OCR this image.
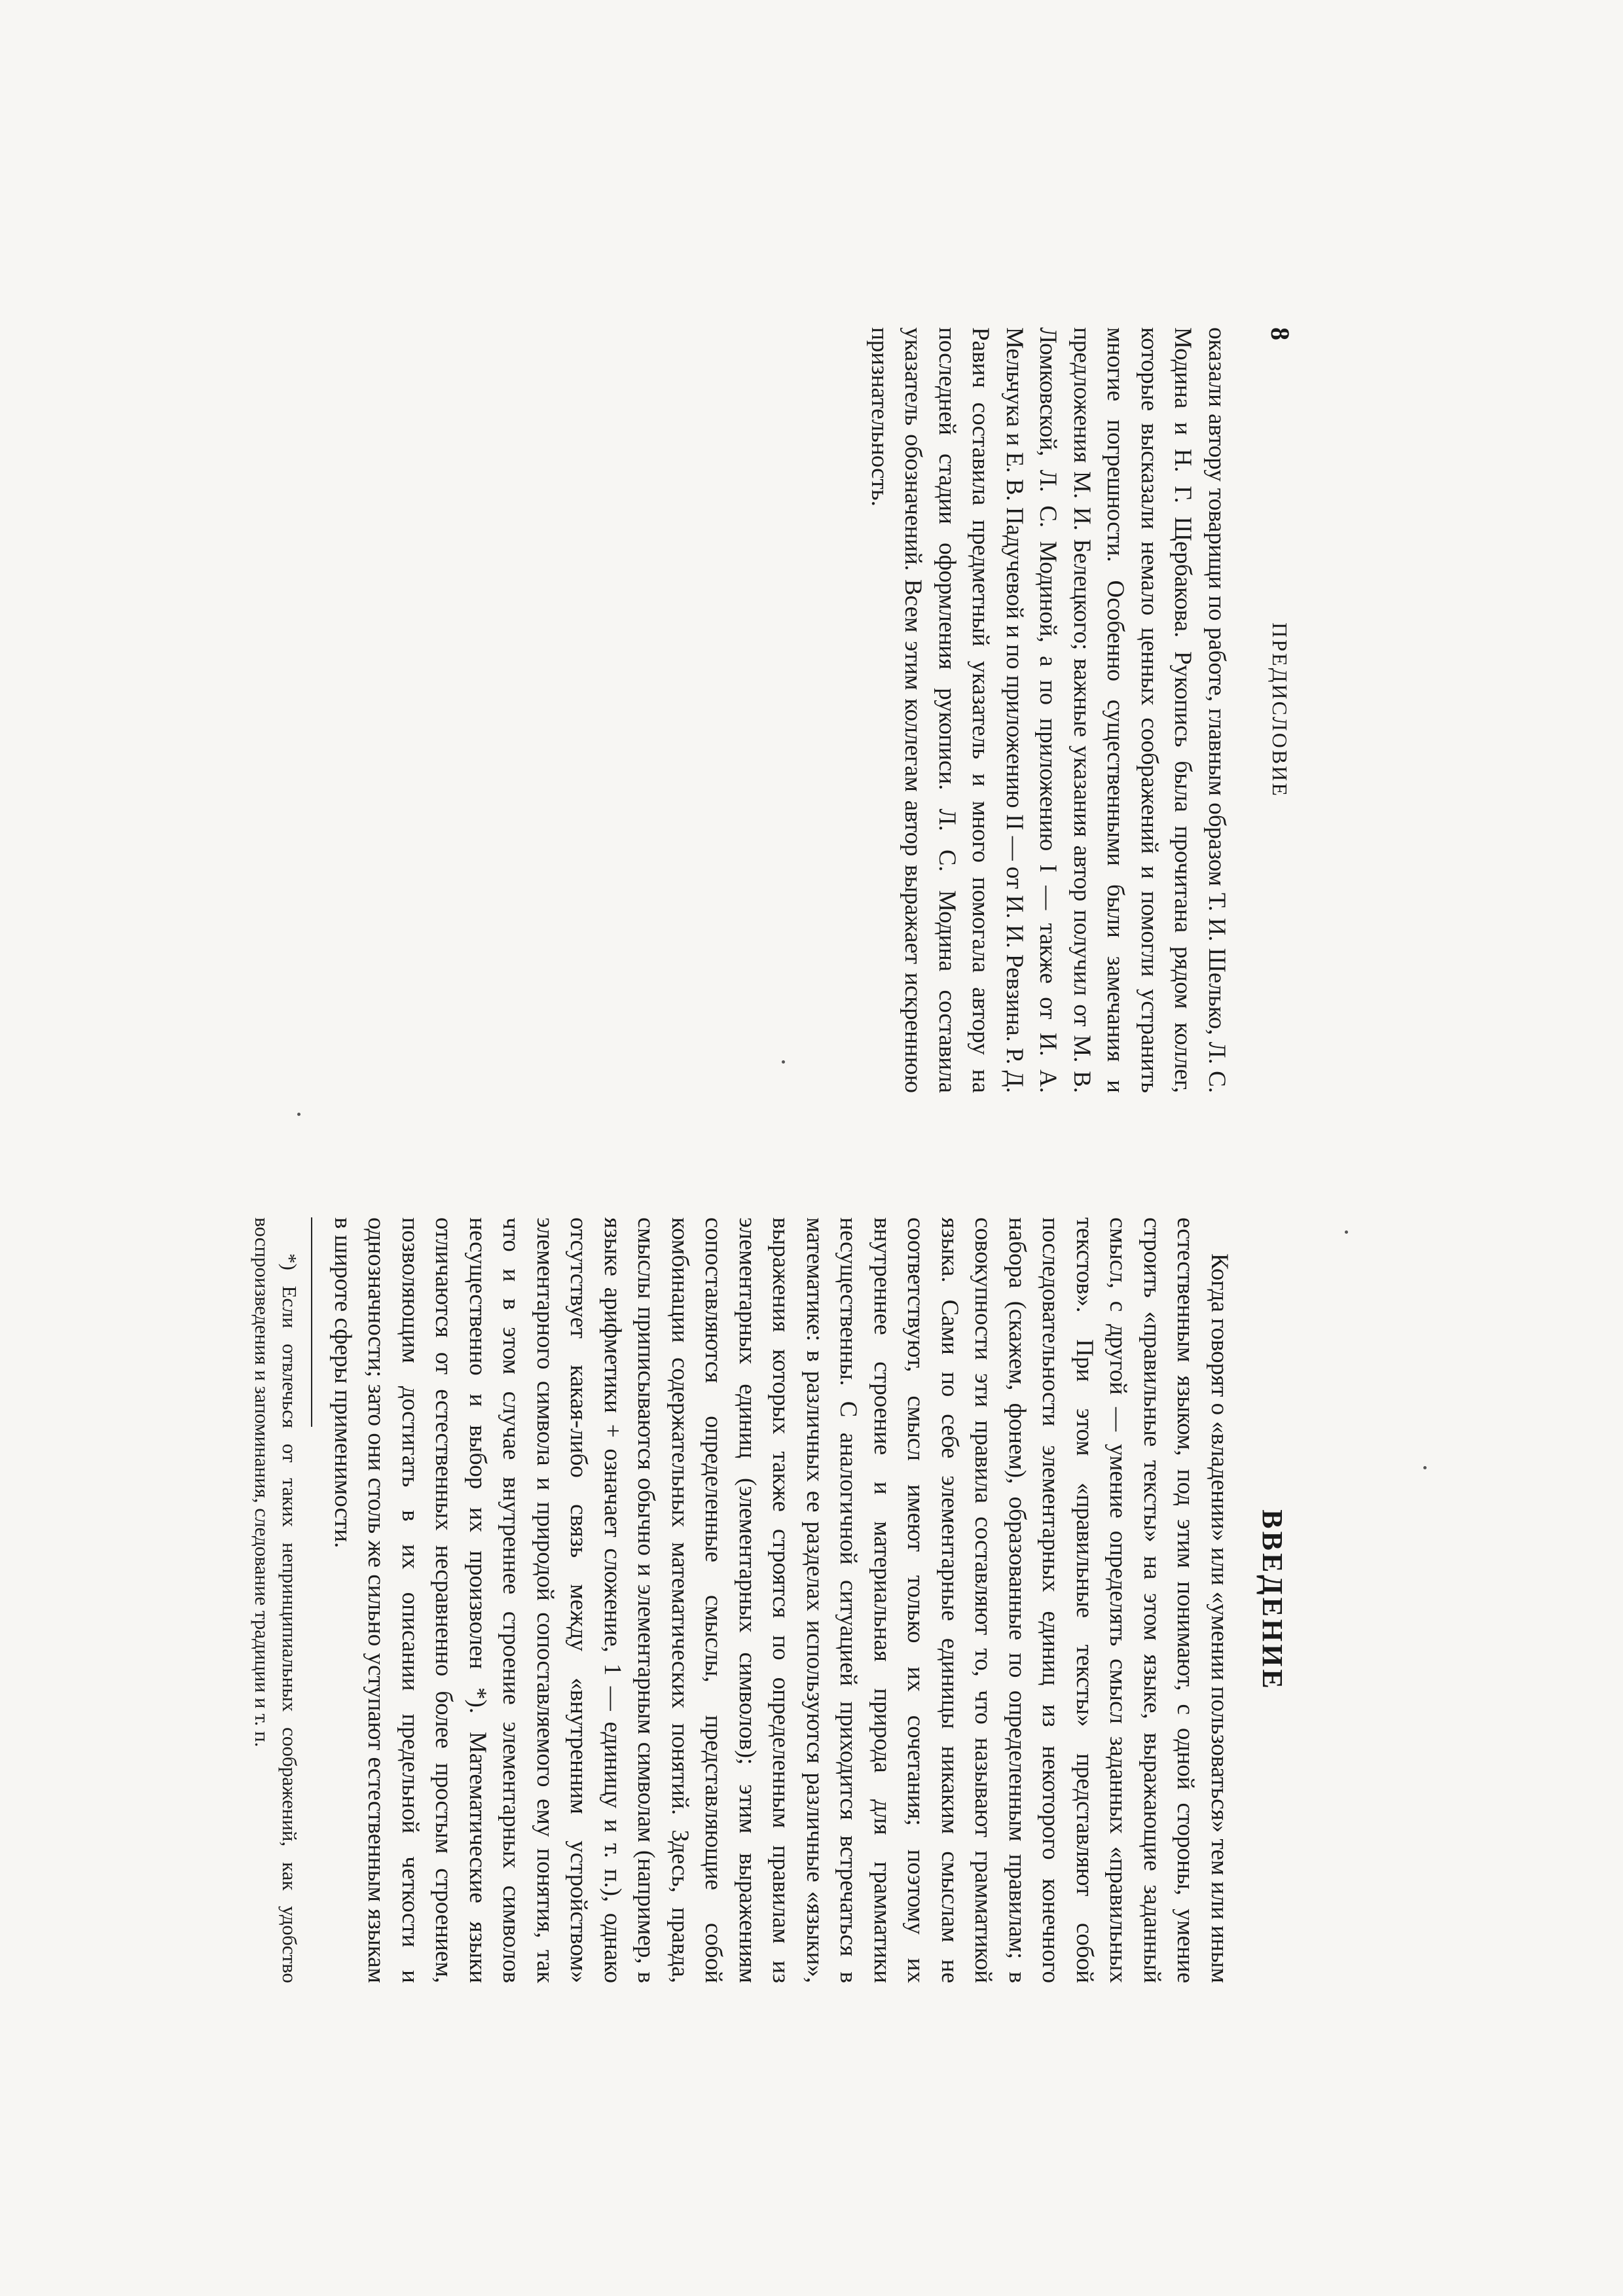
8
ПРЕДИСЛОВИЕ

оказали автору товарищи по работе, главным образом Т. И. Шелько, Л. С. Модина и Н. Г. Щербакова. Рукопись была прочитана рядом коллег, которые высказали немало ценных соображений и помогли устранить многие погрешности. Особенно существенными были замечания и предложения М. И. Белецкого; важные указания автор получил от М. В. Ломковской, Л. С. Модиной, а по приложению I — также от И. А. Мельчука и Е. В. Падучевой и по приложению II — от И. И. Ревзина. Р. Д. Равич составила предметный указатель и много помогала автору на последней стадии оформления рукописи. Л. С. Модина составила указатель обозначений. Всем этим коллегам автор выражает искреннюю признательность.

ВВЕДЕНИЕ

Когда говорят о «владении» или «умении пользоваться» тем или иным естественным языком, под этим понимают, с одной стороны, умение строить «правильные тексты» на этом языке, выражающие заданный смысл, с другой — умение определять смысл заданных «правильных текстов». При этом «правильные тексты» представляют собой последовательности элементарных единиц из некоторого конечного набора (скажем, фонем), образованные по определенным правилам; в совокупности эти правила составляют то, что называют грамматикой языка. Сами по себе элементарные единицы никаким смыслам не соответствуют, смысл имеют только их сочетания; поэтому их внутреннее строение и материальная природа для грамматики несущественны. С аналогичной ситуацией приходится встречаться в математике: в различных ее разделах используются различные «языки», выражения которых также строятся по определенным правилам из элементарных единиц (элементарных символов); этим выражениям сопоставляются определенные смыслы, представляющие собой комбинации содержательных математических понятий. Здесь, правда, смыслы приписываются обычно и элементарным символам (например, в языке арифметики + означает сложение, 1 — единицу и т. п.), однако отсутствует какая-либо связь между «внутренним устройством» элементарного символа и природой сопоставляемого ему понятия, так что и в этом случае внутреннее строение элементарных символов несущественно и выбор их произволен *). Математические языки отличаются от естественных несравненно более простым строением, позволяющим достигать в их описании предельной четкости и однозначности; зато они столь же сильно уступают естественным языкам в широте сферы применимости.

*) Если отвлечься от таких непринципиальных соображений, как удобство воспроизведения и запоминания, следование традиции и т. п.
